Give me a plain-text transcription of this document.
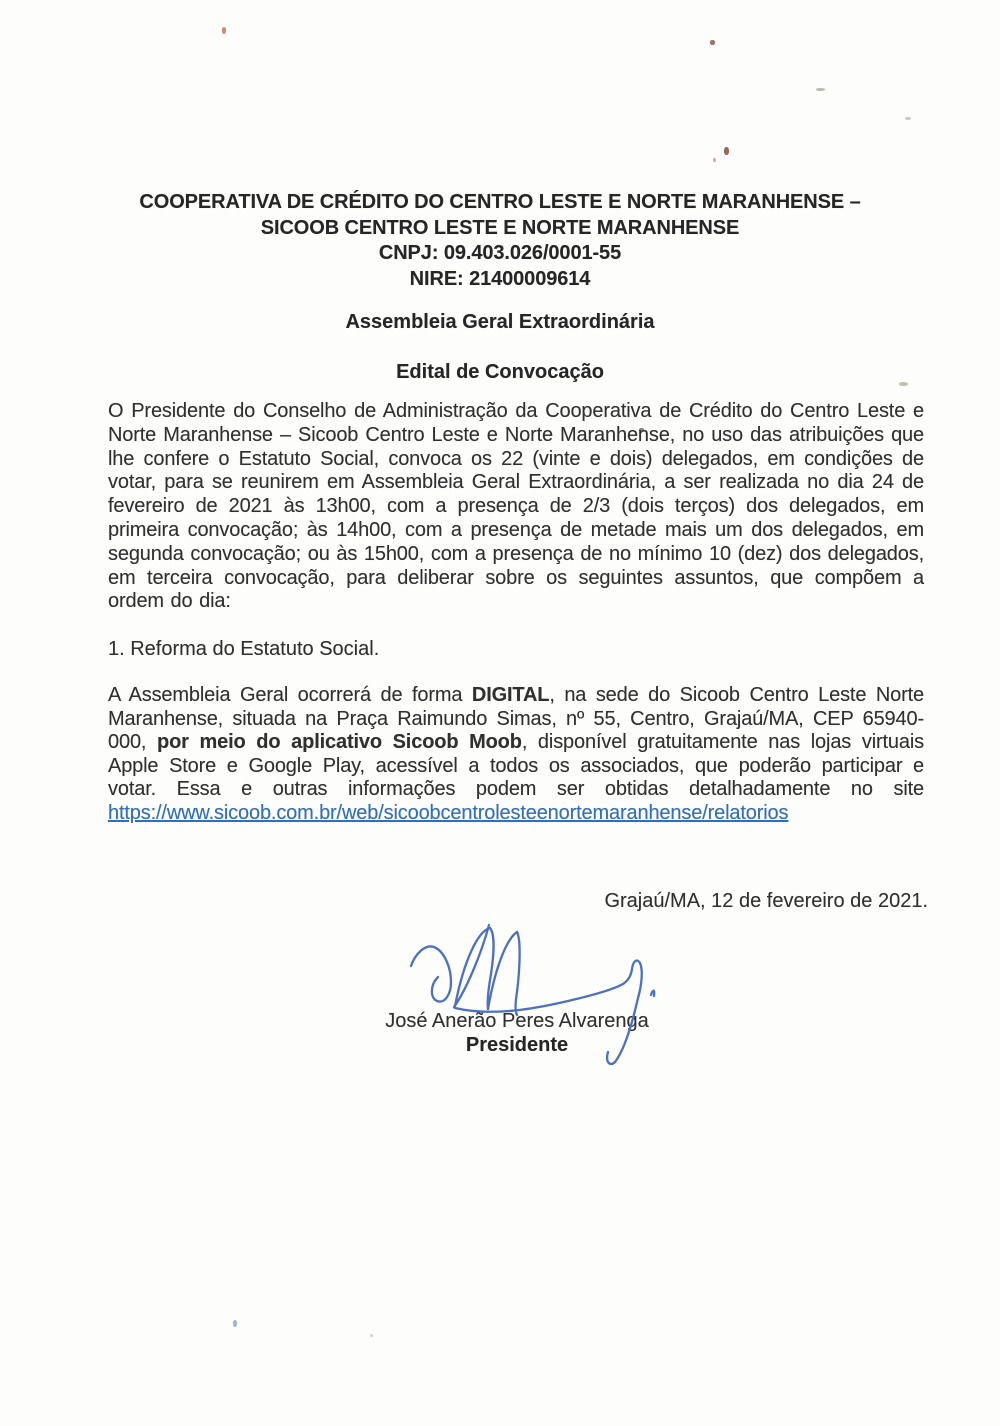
COOPERATIVA DE CRÉDITO DO CENTRO LESTE E NORTE MARANHENSE –
SICOOB CENTRO LESTE E NORTE MARANHENSE
CNPJ: 09.403.026/0001-55
NIRE: 21400009614
Assembleia Geral Extraordinária
Edital de Convocação
O Presidente do Conselho de Administração da Cooperativa de Crédito do Centro Leste e Norte Maranhense – Sicoob Centro Leste e Norte Maranhense, no uso das atribuições que lhe confere o Estatuto Social, convoca os 22 (vinte e dois) delegados, em condições de votar, para se reunirem em Assembleia Geral Extraordinária, a ser realizada no dia 24 de fevereiro de 2021 às 13h00, com a presença de 2/3 (dois terços) dos delegados, em primeira convocação; às 14h00, com a presença de metade mais um dos delegados, em segunda convocação; ou às 15h00, com a presença de no mínimo 10 (dez) dos delegados, em terceira convocação, para deliberar sobre os seguintes assuntos, que compõem a ordem do dia:
1. Reforma do Estatuto Social.
A Assembleia Geral ocorrerá de forma DIGITAL, na sede do Sicoob Centro Leste Norte Maranhense, situada na Praça Raimundo Simas, nº 55, Centro, Grajaú/MA, CEP 65940-000, por meio do aplicativo Sicoob Moob, disponível gratuitamente nas lojas virtuais Apple Store e Google Play, acessível a todos os associados, que poderão participar e votar. Essa e outras informações podem ser obtidas detalhadamente no site https://www.sicoob.com.br/web/sicoobcentrolesteenortemaranhense/relatorios
Grajaú/MA, 12 de fevereiro de 2021.
José Anerão Peres Alvarenga
Presidente
